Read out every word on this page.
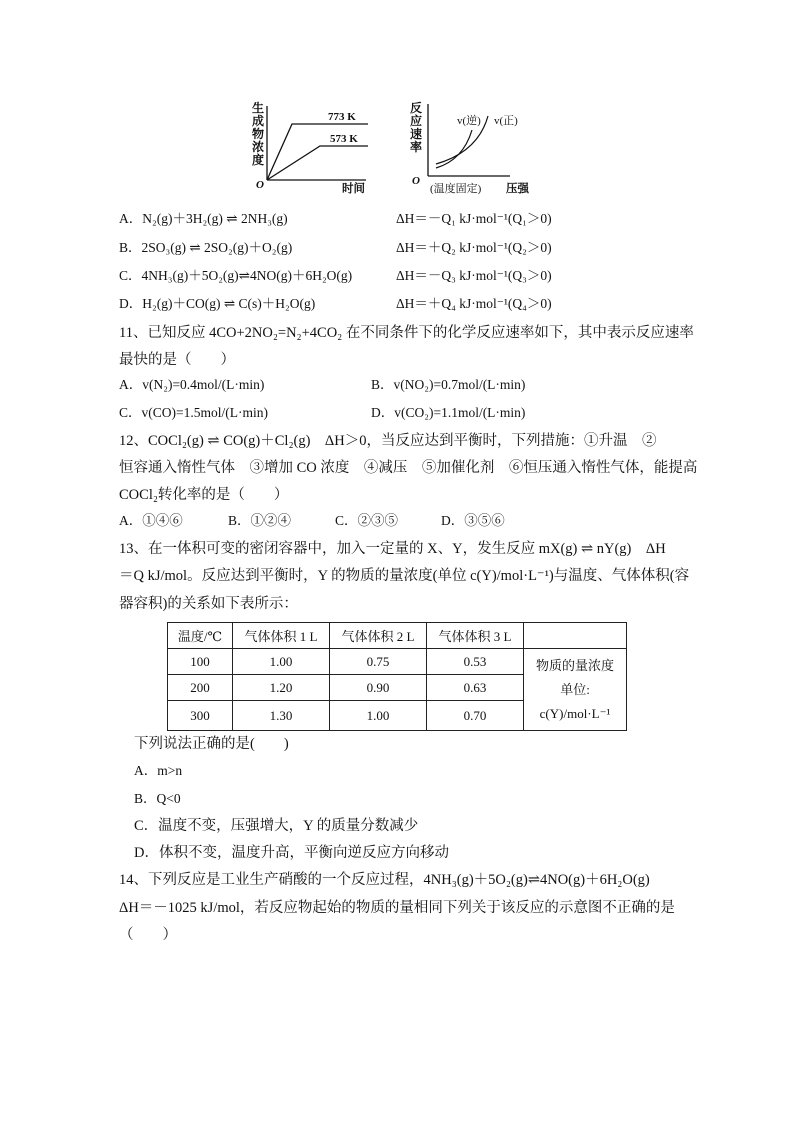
生
成
物
浓
度
773 K
573 K
O	时间
反
应
速
率
v(逆) v(正)
O
(温度固定) 压强
A．N₂(g)＋3H₂(g) ⇌ 2NH₃(g)	ΔH＝－Q₁ kJ·mol⁻¹(Q₁＞0)
B．2SO₃(g) ⇌ 2SO₂(g)＋O₂(g)	ΔH＝＋Q₂ kJ·mol⁻¹(Q₂＞0)
C．4NH₃(g)＋5O₂(g)⇌4NO(g)＋6H₂O(g)	ΔH＝－Q₃ kJ·mol⁻¹(Q₃＞0)
D．H₂(g)＋CO(g) ⇌ C(s)＋H₂O(g)	ΔH＝＋Q₄ kJ·mol⁻¹(Q₄＞0)
11、已知反应 4CO+2NO₂=N₂+4CO₂ 在不同条件下的化学反应速率如下，其中表示反应速率
最快的是（　　）
A．v(N₂)=0.4mol/(L·min)	B．v(NO₂)=0.7mol/(L·min)
C．v(CO)=1.5mol/(L·min)	D．v(CO₂)=1.1mol/(L·min)
12、COCl₂(g) ⇌ CO(g)＋Cl₂(g)　ΔH＞0，当反应达到平衡时，下列措施：①升温　②
恒容通入惰性气体　③增加 CO 浓度　④减压　⑤加催化剂　⑥恒压通入惰性气体，能提高
COCl₂转化率的是（　　）
A．①④⑥	B．①②④	C．②③⑤	D．③⑤⑥
13、在一体积可变的密闭容器中，加入一定量的 X、Y，发生反应 mX(g) ⇌ nY(g)　ΔH
＝Q kJ/mol。反应达到平衡时，Y 的物质的量浓度(单位 c(Y)/mol·L⁻¹)与温度、气体体积(容
器容积)的关系如下表所示：
温度/℃	气体体积 1 L	气体体积 2 L	气体体积 3 L	
100	1.00	0.75	0.53	物质的量浓度
单位:
c(Y)/mol·L⁻¹

200	1.20	0.90	0.63	
300	1.30	1.00	0.70	
下列说法正确的是(　　)
A．m>n
B．Q<0
C．温度不变，压强增大，Y 的质量分数减少
D．体积不变，温度升高，平衡向逆反应方向移动
14、下列反应是工业生产硝酸的一个反应过程，4NH₃(g)＋5O₂(g)⇌4NO(g)＋6H₂O(g)
ΔH＝－1025 kJ/mol，若反应物起始的物质的量相同下列关于该反应的示意图不正确的是
（　　）
